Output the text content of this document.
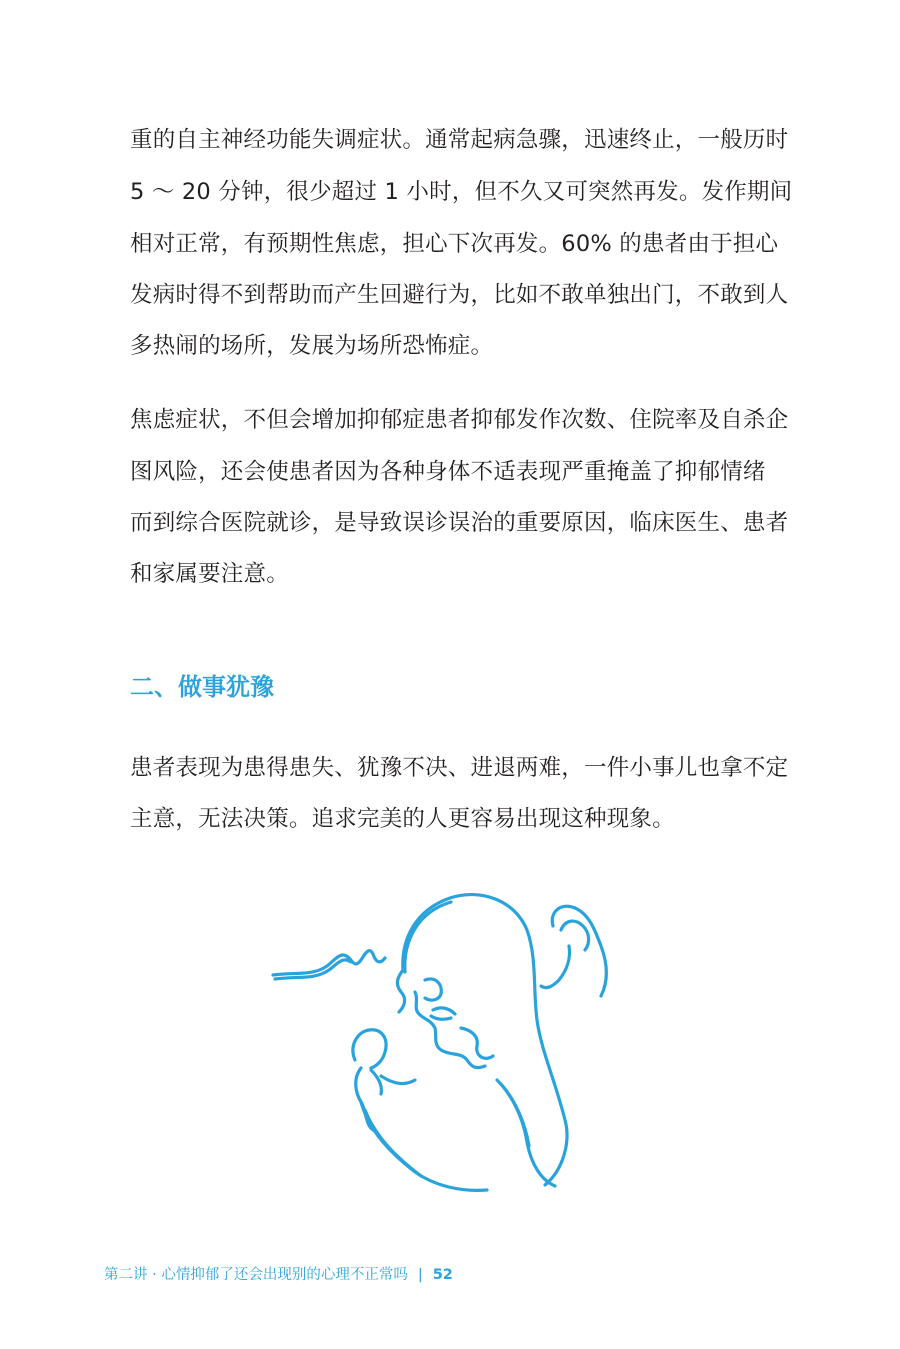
重的自主神经功能失调症状。通常起病急骤，迅速终止，一般历时
5 ～ 20 分钟，很少超过 1 小时，但不久又可突然再发。发作期间
相对正常，有预期性焦虑，担心下次再发。60% 的患者由于担心
发病时得不到帮助而产生回避行为，比如不敢单独出门，不敢到人
多热闹的场所，发展为场所恐怖症。
焦虑症状，不但会增加抑郁症患者抑郁发作次数、住院率及自杀企
图风险，还会使患者因为各种身体不适表现严重掩盖了抑郁情绪
而到综合医院就诊，是导致误诊误治的重要原因，临床医生、患者
和家属要注意。
二、做事犹豫
患者表现为患得患失、犹豫不决、进退两难，一件小事儿也拿不定
主意，无法决策。追求完美的人更容易出现这种现象。
第二讲 · 心情抑郁了还会出现别的心理不正常吗 | 52
